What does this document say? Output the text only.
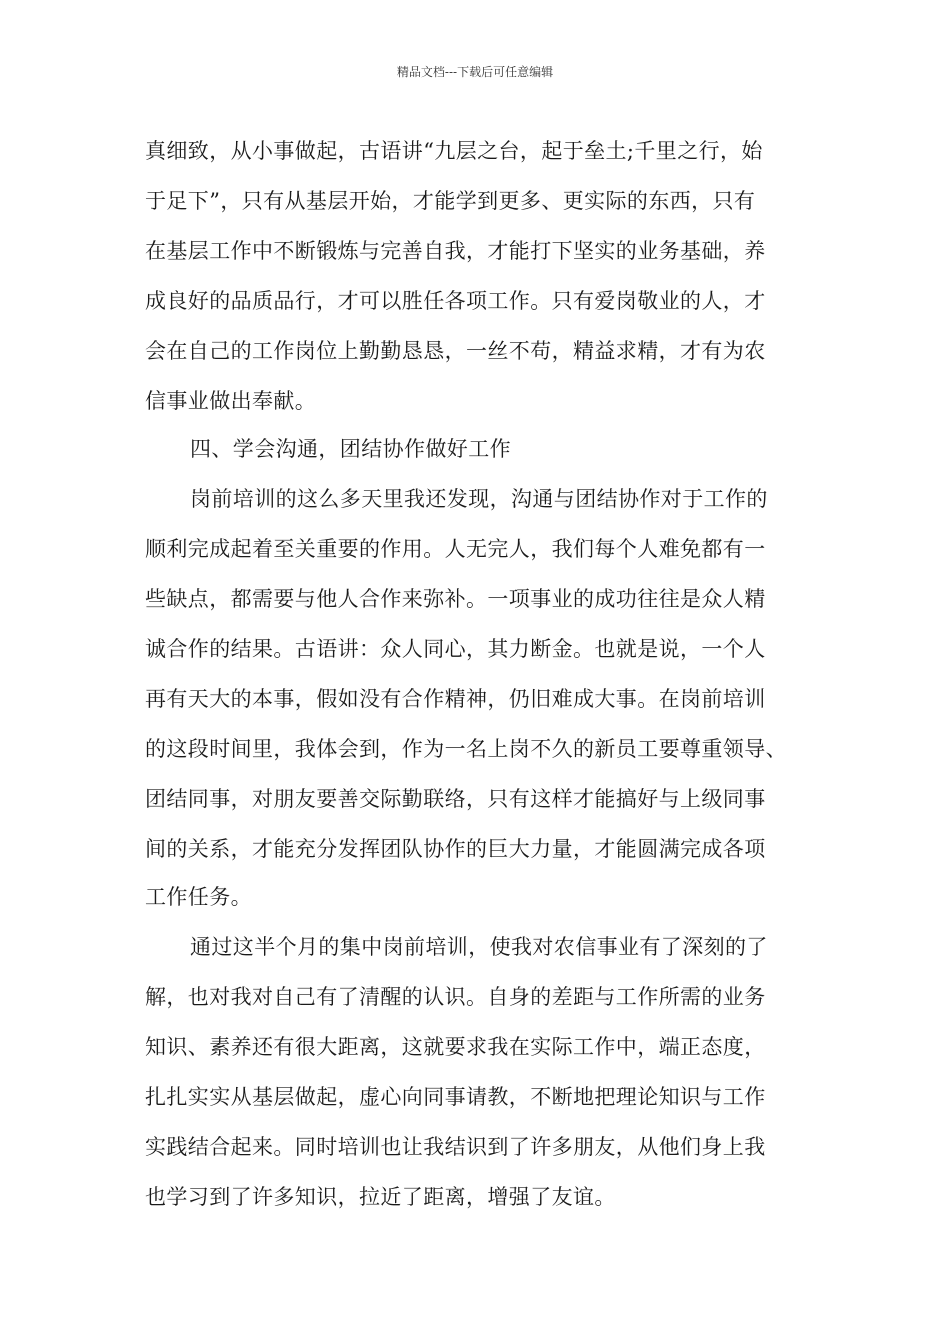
精品文档---下载后可任意编辑
真细致，从小事做起，古语讲“九层之台，起于垒土;千里之行，始
于足下”，只有从基层开始，才能学到更多、更实际的东西，只有
在基层工作中不断锻炼与完善自我，才能打下坚实的业务基础，养
成良好的品质品行，才可以胜任各项工作。只有爱岗敬业的人，才
会在自己的工作岗位上勤勤恳恳，一丝不苟，精益求精，才有为农
信事业做出奉献。
四、学会沟通，团结协作做好工作
岗前培训的这么多天里我还发现，沟通与团结协作对于工作的
顺利完成起着至关重要的作用。人无完人，我们每个人难免都有一
些缺点，都需要与他人合作来弥补。一项事业的成功往往是众人精
诚合作的结果。古语讲：众人同心，其力断金。也就是说，一个人
再有天大的本事，假如没有合作精神，仍旧难成大事。在岗前培训
的这段时间里，我体会到，作为一名上岗不久的新员工要尊重领导、
团结同事，对朋友要善交际勤联络，只有这样才能搞好与上级同事
间的关系，才能充分发挥团队协作的巨大力量，才能圆满完成各项
工作任务。
通过这半个月的集中岗前培训，使我对农信事业有了深刻的了
解，也对我对自己有了清醒的认识。自身的差距与工作所需的业务
知识、素养还有很大距离，这就要求我在实际工作中，端正态度，
扎扎实实从基层做起，虚心向同事请教，不断地把理论知识与工作
实践结合起来。同时培训也让我结识到了许多朋友，从他们身上我
也学习到了许多知识，拉近了距离，增强了友谊。
